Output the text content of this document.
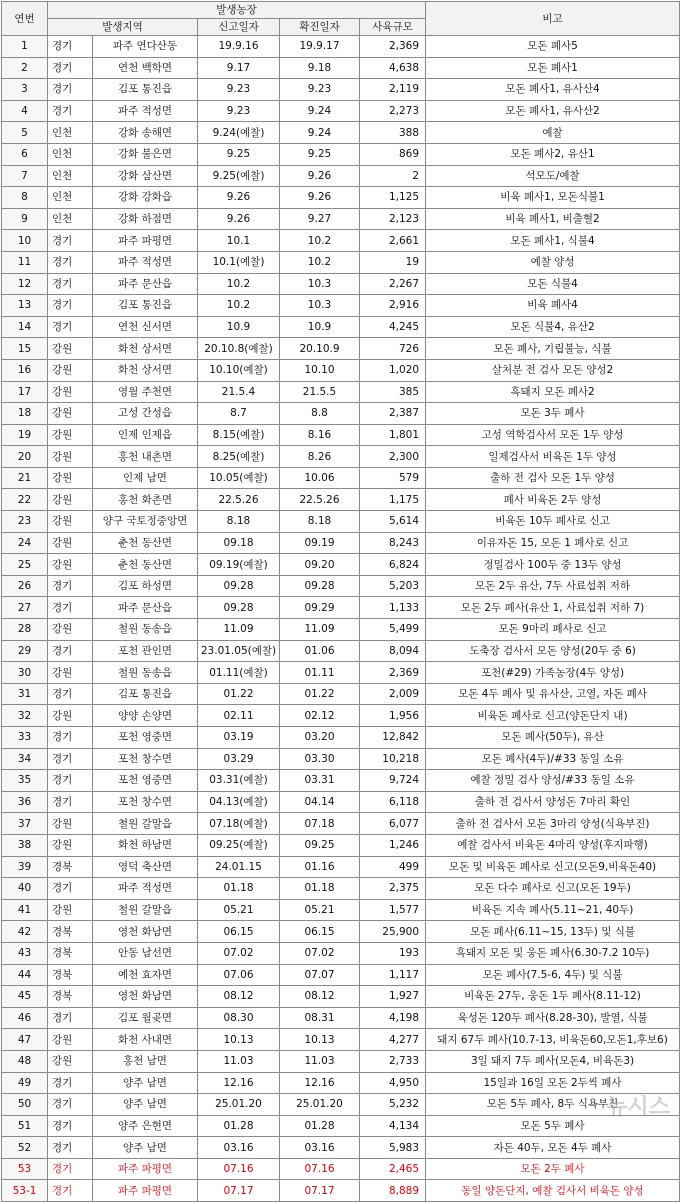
연번	발생농장					비고
	발생지역		신고일자	확진일자	사육규모	
1	경기	파주 연다산동	19.9.16	19.9.17	2,369	모돈 폐사5
2	경기	연천 백학면	9.17	9.18	4,638	모돈 폐사1
3	경기	김포 통진읍	9.23	9.23	2,119	모돈 폐사1, 유사산4
4	경기	파주 적성면	9.23	9.24	2,273	모돈 폐사1, 유사산2
5	인천	강화 송해면	9.24(예찰)	9.24	388	예찰
6	인천	강화 불은면	9.25	9.25	869	모돈 폐사2, 유산1
7	인천	강화 삼산면	9.25(예찰)	9.26	2	석모도/예찰
8	인천	강화 강화읍	9.26	9.26	1,125	비육 폐사1, 모돈식불1
9	인천	강화 하점면	9.26	9.27	2,123	비육 폐사1, 비출혈2
10	경기	파주 파평면	10.1	10.2	2,661	모돈 폐사1, 식불4
11	경기	파주 적성면	10.1(예찰)	10.2	19	예찰 양성
12	경기	파주 문산읍	10.2	10.3	2,267	모돈 식불4
13	경기	김포 통진읍	10.2	10.3	2,916	비육 폐사4
14	경기	연천 신서면	10.9	10.9	4,245	모돈 식불4, 유산2
15	강원	화천 상서면	20.10.8(예찰)	20.10.9	726	모돈 폐사, 기립불능, 식불
16	강원	화천 상서면	10.10(예찰)	10.10	1,020	살처분 전 검사 모돈 양성2
17	강원	영월 주천면	21.5.4	21.5.5	385	흑돼지 모돈 폐사2
18	강원	고성 간성읍	8.7	8.8	2,387	모돈 3두 폐사
19	강원	인제 인제읍	8.15(예찰)	8.16	1,801	고성 역학검사서 모돈 1두 양성
20	강원	홍천 내촌면	8.25(예찰)	8.26	2,300	일제검사서 비육돈 1두 양성
21	강원	인제 남면	10.05(예찰)	10.06	579	출하 전 검사 모돈 1두 양성
22	강원	홍천 화촌면	22.5.26	22.5.26	1,175	폐사 비육돈 2두 양성
23	강원	양구 국토정중앙면	8.18	8.18	5,614	비육돈 10두 폐사로 신고
24	강원	춘천 동산면	09.18	09.19	8,243	이유자돈 15, 모돈 1 폐사로 신고
25	강원	춘천 동산면	09.19(예찰)	09.20	6,824	정밀검사 100두 중 13두 양성
26	경기	김포 하성면	09.28	09.28	5,203	모돈 2두 유산, 7두 사료섭취 저하
27	경기	파주 문산읍	09.28	09.29	1,133	모돈 2두 폐사(유산 1, 사료섭취 저하 7)
28	강원	철원 동송읍	11.09	11.09	5,499	모돈 9마리 폐사로 신고
29	경기	포천 관인면	23.01.05(예찰)	01.06	8,094	도축장 검사서 모돈 양성(20두 중 6)
30	강원	철원 동송읍	01.11(예찰)	01.11	2,369	포천(#29) 가족농장(4두 양성)
31	경기	김포 통진읍	01.22	01.22	2,009	모돈 4두 폐사 및 유사산, 고열, 자돈 폐사
32	강원	양양 손양면	02.11	02.12	1,956	비육돈 폐사로 신고(양돈단지 내)
33	경기	포천 영중면	03.19	03.20	12,842	모돈 폐사(50두), 유산
34	경기	포천 창수면	03.29	03.30	10,218	모돈 폐사(4두)/#33 동일 소유
35	경기	포천 영중면	03.31(예찰)	03.31	9,724	예찰 정밀 검사 양성/#33 동일 소유
36	경기	포천 창수면	04.13(예찰)	04.14	6,118	출하 전 검사서 양성돈 7마리 확인
37	강원	철원 갈말읍	07.18(예찰)	07.18	6,077	출하 전 검사서 모돈 3마리 양성(식욕부진)
38	강원	화천 하남면	09.25(예찰)	09.25	1,246	예찰 검사서 비육돈 4마리 양성(후지파행)
39	경북	영덕 축산면	24.01.15	01.16	499	모돈 및 비육돈 폐사로 신고(모돈9,비육돈40)
40	경기	파주 적성면	01.18	01.18	2,375	모돈 다수 폐사로 신고(모돈 19두)
41	강원	철원 갈말읍	05.21	05.21	1,577	비육돈 지속 폐사(5.11~21, 40두)
42	경북	영천 화남면	06.15	06.15	25,900	모돈 폐사(6.11~15, 13두) 및 식불
43	경북	안동 남선면	07.02	07.02	193	흑돼지 모돈 및 웅돈 폐사(6.30-7.2 10두)
44	경북	예천 효자면	07.06	07.07	1,117	모돈 폐사(7.5-6, 4두) 및 식불
45	경북	영천 화남면	08.12	08.12	1,927	비육돈 27두, 웅돈 1두 폐사(8.11-12)
46	경기	김포 월곶면	08.30	08.31	4,198	육성돈 120두 폐사(8.28-30), 발열, 식불
47	강원	화천 사내면	10.13	10.13	4,277	돼지 67두 폐사(10.7-13, 비육돈60,모돈1,후보6)
48	강원	홍천 남면	11.03	11.03	2,733	3일 돼지 7두 폐사(모돈4, 비육돈3)
49	경기	양주 남면	12.16	12.16	4,950	15일과 16일 모돈 2두씩 폐사
50	경기	양주 남면	25.01.20	25.01.20	5,232	모돈 5두 폐사, 8두 식욕부진
51	경기	양주 은현면	01.28	01.28	4,134	모돈 5두 폐사
52	경기	양주 남면	03.16	03.16	5,983	자돈 40두, 모돈 4두 폐사
53	경기	파주 파평면	07.16	07.16	2,465	모돈 2두 폐사
53-1	경기	파주 파평면	07.17	07.17	8,889	동일 양돈단지, 예찰 검사서 비육돈 양성
뉴시스
